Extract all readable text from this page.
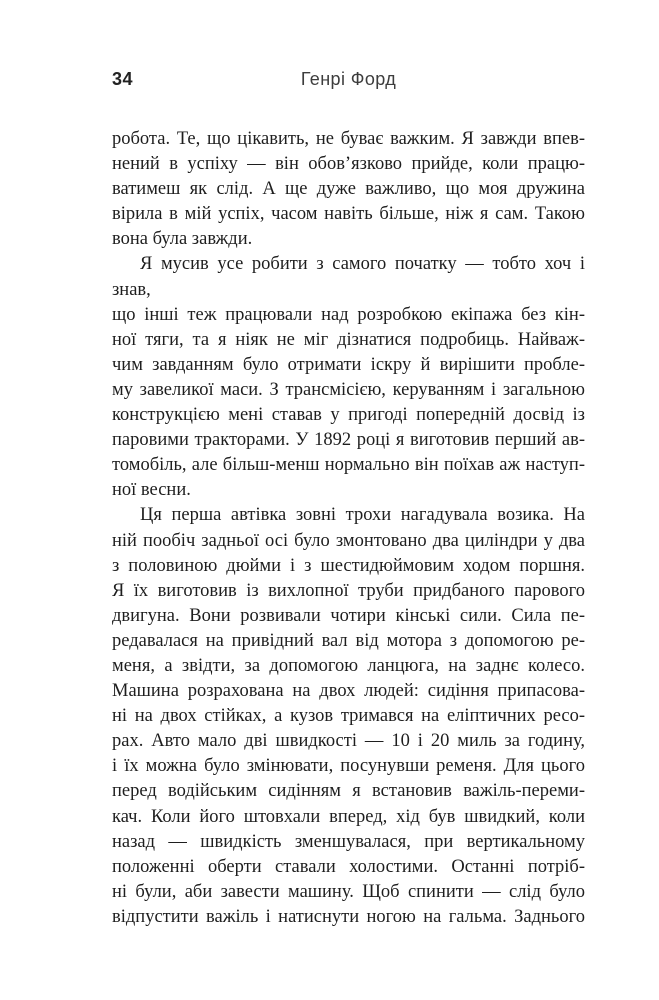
34	Генрі Форд
робота. Те, що цікавить, не буває важким. Я завжди впев-
нений в успіху — він обов’язково прийде, коли працю-
ватимеш як слід. А ще дуже важливо, що моя дружина
вірила в мій успіх, часом навіть більше, ніж я сам. Такою
вона була завжди.
Я мусив усе робити з самого початку — тобто хоч і знав,
що інші теж працювали над розробкою екіпажа без кін-
ної тяги, та я ніяк не міг дізнатися подробиць. Найваж-
чим завданням було отримати іскру й вирішити пробле-
му завеликої маси. З трансмісією, керуванням і загальною
конструкцією мені ставав у пригоді попередній досвід із
паровими тракторами. У 1892 році я виготовив перший ав-
томобіль, але більш-менш нормально він поїхав аж наступ-
ної весни.
Ця перша автівка зовні трохи нагадувала возика. На
ній пообіч задньої осі було змонтовано два циліндри у два
з половиною дюйми і з шестидюймовим ходом поршня.
Я їх виготовив із вихлопної труби придбаного парового
двигуна. Вони розвивали чотири кінські сили. Сила пе-
редавалася на привідний вал від мотора з допомогою ре-
меня, а звідти, за допомогою ланцюга, на заднє колесо.
Машина розрахована на двох людей: сидіння припасова-
ні на двох стійках, а кузов тримався на еліптичних ресо-
рах. Авто мало дві швидкості — 10 і 20 миль за годину,
і їх можна було змінювати, посунувши ременя. Для цього
перед водійським сидінням я встановив важіль-переми-
кач. Коли його штовхали вперед, хід був швидкий, коли
назад — швидкість зменшувалася, при вертикальному
положенні оберти ставали холостими. Останні потріб-
ні були, аби завести машину. Щоб спинити — слід було
відпустити важіль і натиснути ногою на гальма. Заднього
